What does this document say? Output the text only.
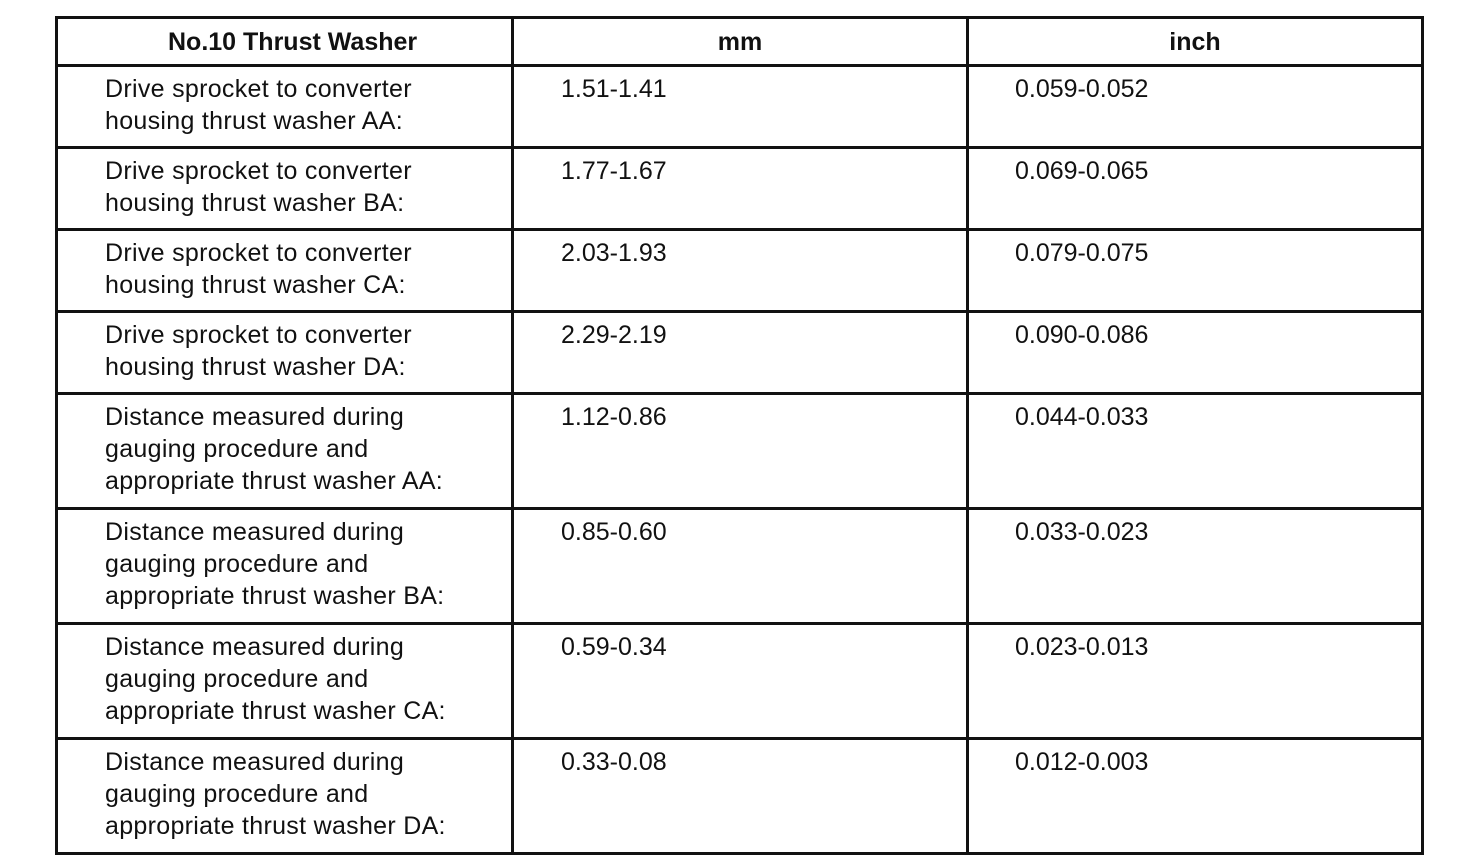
No.10 Thrust Washer	mm	inch
Drive sprocket to converter housing thrust washer AA:	1.51-1.41	0.059-0.052
Drive sprocket to converter housing thrust washer BA:	1.77-1.67	0.069-0.065
Drive sprocket to converter housing thrust washer CA:	2.03-1.93	0.079-0.075
Drive sprocket to converter housing thrust washer DA:	2.29-2.19	0.090-0.086
Distance measured during gauging procedure and appropriate thrust washer AA:	1.12-0.86	0.044-0.033
Distance measured during gauging procedure and appropriate thrust washer BA:	0.85-0.60	0.033-0.023
Distance measured during gauging procedure and appropriate thrust washer CA:	0.59-0.34	0.023-0.013
Distance measured during gauging procedure and appropriate thrust washer DA:	0.33-0.08	0.012-0.003
